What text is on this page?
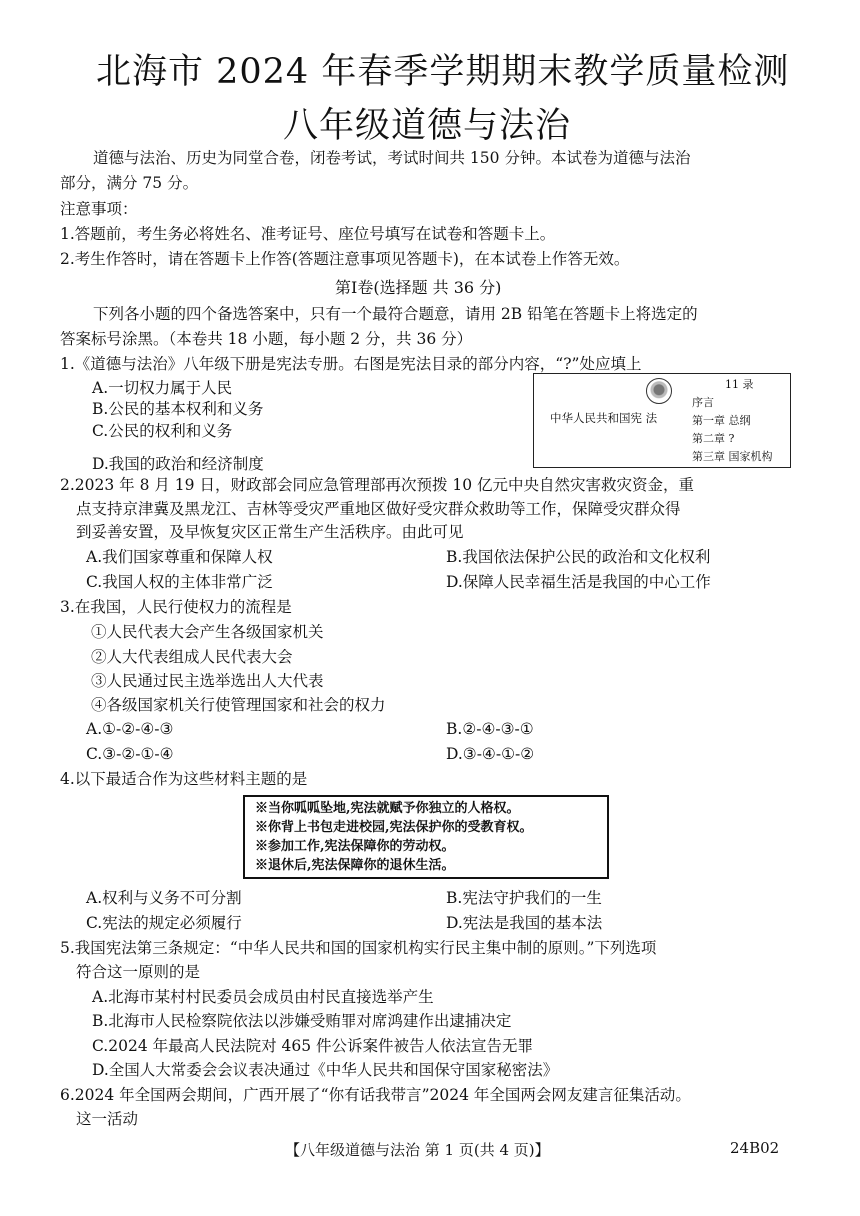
北海市 2024 年春季学期期末教学质量检测
八年级道德与法治
道德与法治、历史为同堂合卷，闭卷考试，考试时间共 150 分钟。本试卷为道德与法治
部分，满分 75 分。
注意事项：
1.答题前，考生务必将姓名、准考证号、座位号填写在试卷和答题卡上。
2.考生作答时，请在答题卡上作答(答题注意事项见答题卡)，在本试卷上作答无效。
第Ⅰ卷(选择题 共 36 分)
下列各小题的四个备选答案中，只有一个最符合题意，请用 2B 铅笔在答题卡上将选定的
答案标号涂黑。（本卷共 18 小题，每小题 2 分，共 36 分）
1.《道德与法治》八年级下册是宪法专册。右图是宪法目录的部分内容，“?”处应填上
A.一切权力属于人民
B.公民的基本权利和义务
C.公民的权利和义务
D.我国的政治和经济制度
中华人民共和国宪 法
11 录
序言
第一章 总纲
第二章 ?
第三章 国家机构
2.2023 年 8 月 19 日，财政部会同应急管理部再次预拨 10 亿元中央自然灾害救灾资金，重
点支持京津冀及黑龙江、吉林等受灾严重地区做好受灾群众救助等工作，保障受灾群众得
到妥善安置，及早恢复灾区正常生产生活秩序。由此可见
A.我们国家尊重和保障人权	B.我国依法保护公民的政治和文化权利
C.我国人权的主体非常广泛	D.保障人民幸福生活是我国的中心工作
3.在我国，人民行使权力的流程是
①人民代表大会产生各级国家机关
②人大代表组成人民代表大会
③人民通过民主选举选出人大代表
④各级国家机关行使管理国家和社会的权力
A.①-②-④-③	B.②-④-③-①
C.③-②-①-④	D.③-④-①-②
4.以下最适合作为这些材料主题的是
※当你呱呱坠地,宪法就赋予你独立的人格权。
※你背上书包走进校园,宪法保护你的受教育权。
※参加工作,宪法保障你的劳动权。
※退休后,宪法保障你的退休生活。
A.权利与义务不可分割	B.宪法守护我们的一生
C.宪法的规定必须履行	D.宪法是我国的基本法
5.我国宪法第三条规定：“中华人民共和国的国家机构实行民主集中制的原则。”下列选项
符合这一原则的是
A.北海市某村村民委员会成员由村民直接选举产生
B.北海市人民检察院依法以涉嫌受贿罪对席鸿建作出逮捕决定
C.2024 年最高人民法院对 465 件公诉案件被告人依法宣告无罪
D.全国人大常委会会议表决通过《中华人民共和国保守国家秘密法》
6.2024 年全国两会期间，广西开展了“你有话我带言”2024 年全国两会网友建言征集活动。
这一活动
【八年级道德与法治 第 1 页(共 4 页)】	24B02
